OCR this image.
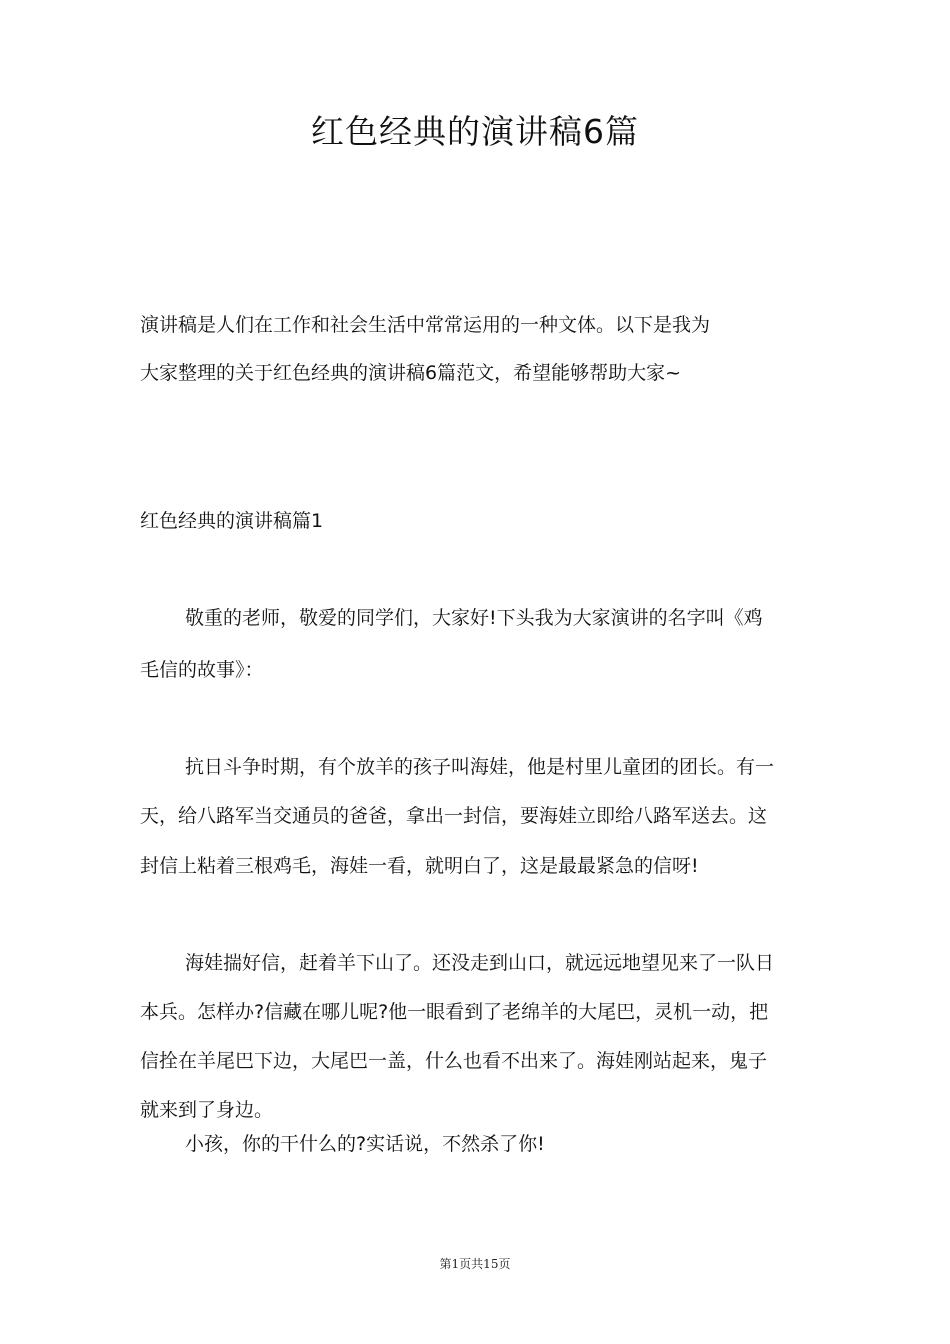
红色经典的演讲稿6篇
演讲稿是人们在工作和社会生活中常常运用的一种文体。以下是我为
大家整理的关于红色经典的演讲稿6篇范文，希望能够帮助大家~
红色经典的演讲稿篇1
敬重的老师，敬爱的同学们，大家好!下头我为大家演讲的名字叫《鸡
毛信的故事》：
抗日斗争时期，有个放羊的孩子叫海娃，他是村里儿童团的团长。有一
天，给八路军当交通员的爸爸，拿出一封信，要海娃立即给八路军送去。这
封信上粘着三根鸡毛，海娃一看，就明白了，这是最最紧急的信呀!
海娃揣好信，赶着羊下山了。还没走到山口，就远远地望见来了一队日
本兵。怎样办?信藏在哪儿呢?他一眼看到了老绵羊的大尾巴，灵机一动，把
信拴在羊尾巴下边，大尾巴一盖，什么也看不出来了。海娃刚站起来，鬼子
就来到了身边。
小孩，你的干什么的?实话说，不然杀了你!
第1页共15页
